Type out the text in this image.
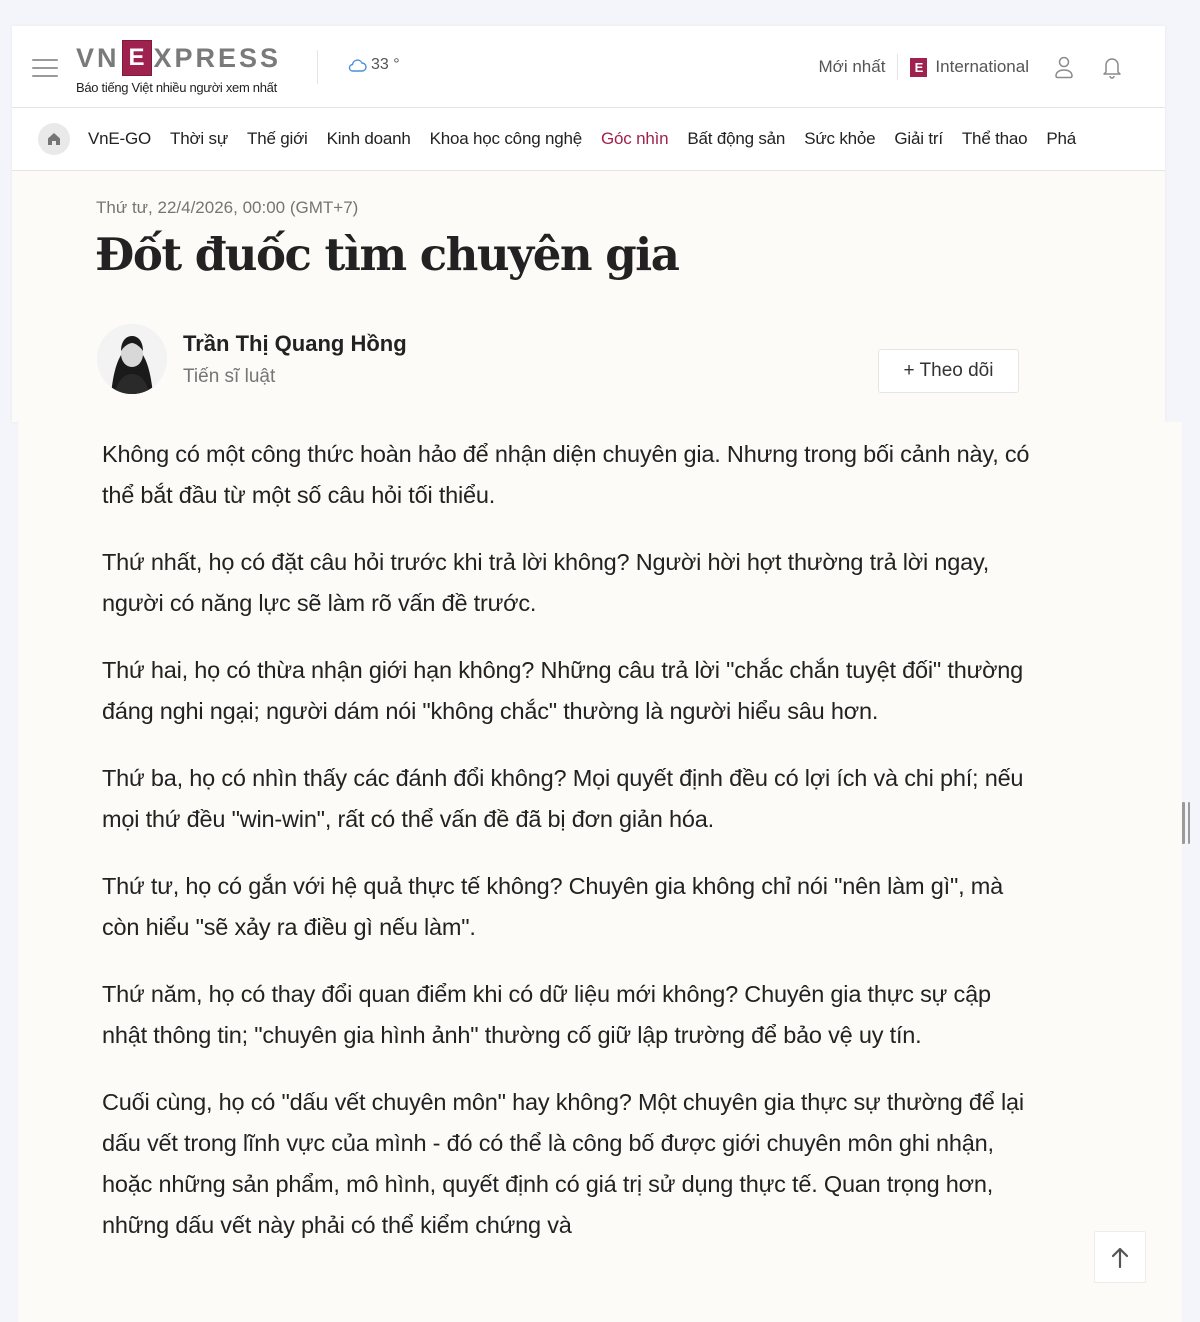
VN E XPRESS
Báo tiếng Việt nhiều người xem nhất
33 °	Mới nhất	E International
VnE-GO Thời sự Thế giới Kinh doanh Khoa học công nghệ Góc nhìn Bất động sản Sức khỏe Giải trí Thể thao Phá
Thứ tư, 22/4/2026, 00:00 (GMT+7)
Đốt đuốc tìm chuyên gia
Trần Thị Quang Hồng
Tiến sĩ luật	+ Theo dõi

Không có một công thức hoàn hảo để nhận diện chuyên gia. Nhưng trong bối cảnh này, có thể bắt đầu từ một số câu hỏi tối thiểu.

Thứ nhất, họ có đặt câu hỏi trước khi trả lời không? Người hời hợt thường trả lời ngay, người có năng lực sẽ làm rõ vấn đề trước.

Thứ hai, họ có thừa nhận giới hạn không? Những câu trả lời "chắc chắn tuyệt đối" thường đáng nghi ngại; người dám nói "không chắc" thường là người hiểu sâu hơn.

Thứ ba, họ có nhìn thấy các đánh đổi không? Mọi quyết định đều có lợi ích và chi phí; nếu mọi thứ đều "win-win", rất có thể vấn đề đã bị đơn giản hóa.

Thứ tư, họ có gắn với hệ quả thực tế không? Chuyên gia không chỉ nói "nên làm gì", mà còn hiểu "sẽ xảy ra điều gì nếu làm".

Thứ năm, họ có thay đổi quan điểm khi có dữ liệu mới không? Chuyên gia thực sự cập nhật thông tin; "chuyên gia hình ảnh" thường cố giữ lập trường để bảo vệ uy tín.

Cuối cùng, họ có "dấu vết chuyên môn" hay không? Một chuyên gia thực sự thường để lại dấu vết trong lĩnh vực của mình - đó có thể là công bố được giới chuyên môn ghi nhận, hoặc những sản phẩm, mô hình, quyết định có giá trị sử dụng thực tế. Quan trọng hơn, những dấu vết này phải có thể kiểm chứng và
